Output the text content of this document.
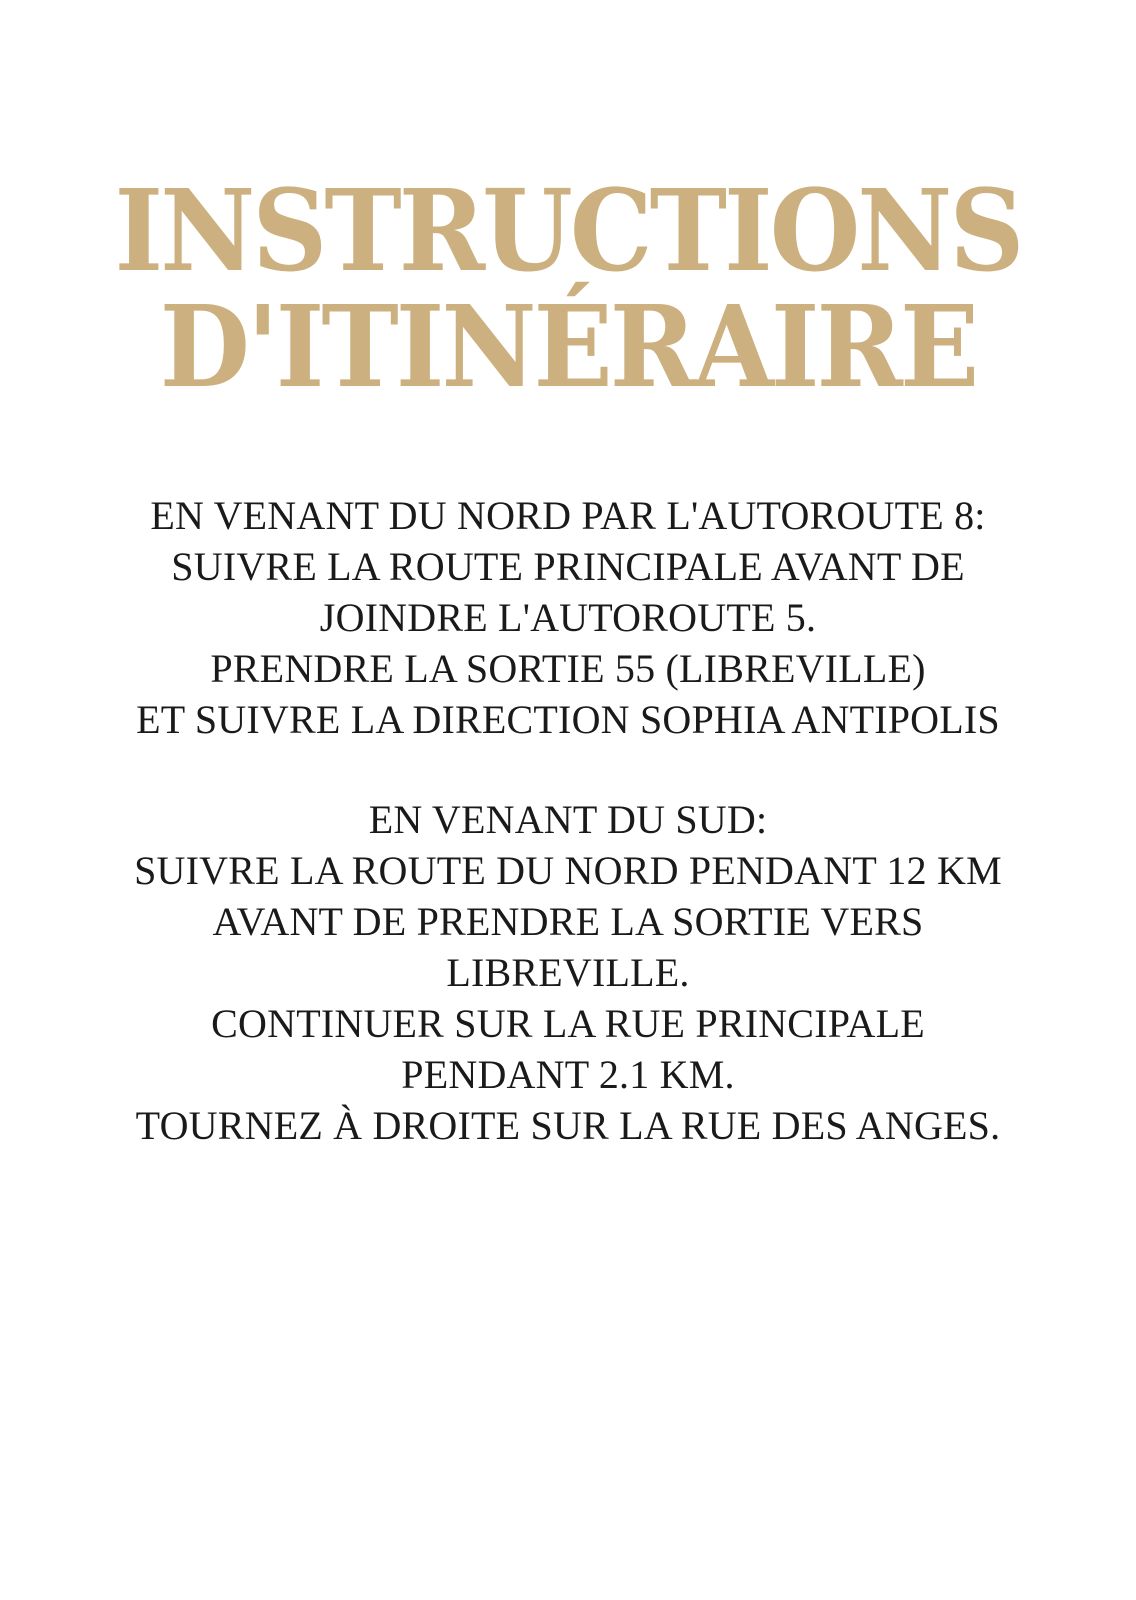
INSTRUCTIONS
D'ITINÉRAIRE
EN VENANT DU NORD PAR L'AUTOROUTE 8:
SUIVRE LA ROUTE PRINCIPALE AVANT DE
JOINDRE L'AUTOROUTE 5.
PRENDRE LA SORTIE 55 (LIBREVILLE)
ET SUIVRE LA DIRECTION SOPHIA ANTIPOLIS
EN VENANT DU SUD:
SUIVRE LA ROUTE DU NORD PENDANT 12 KM
AVANT DE PRENDRE LA SORTIE VERS
LIBREVILLE.
CONTINUER SUR LA RUE PRINCIPALE
PENDANT 2.1 KM.
TOURNEZ À DROITE SUR LA RUE DES ANGES.
